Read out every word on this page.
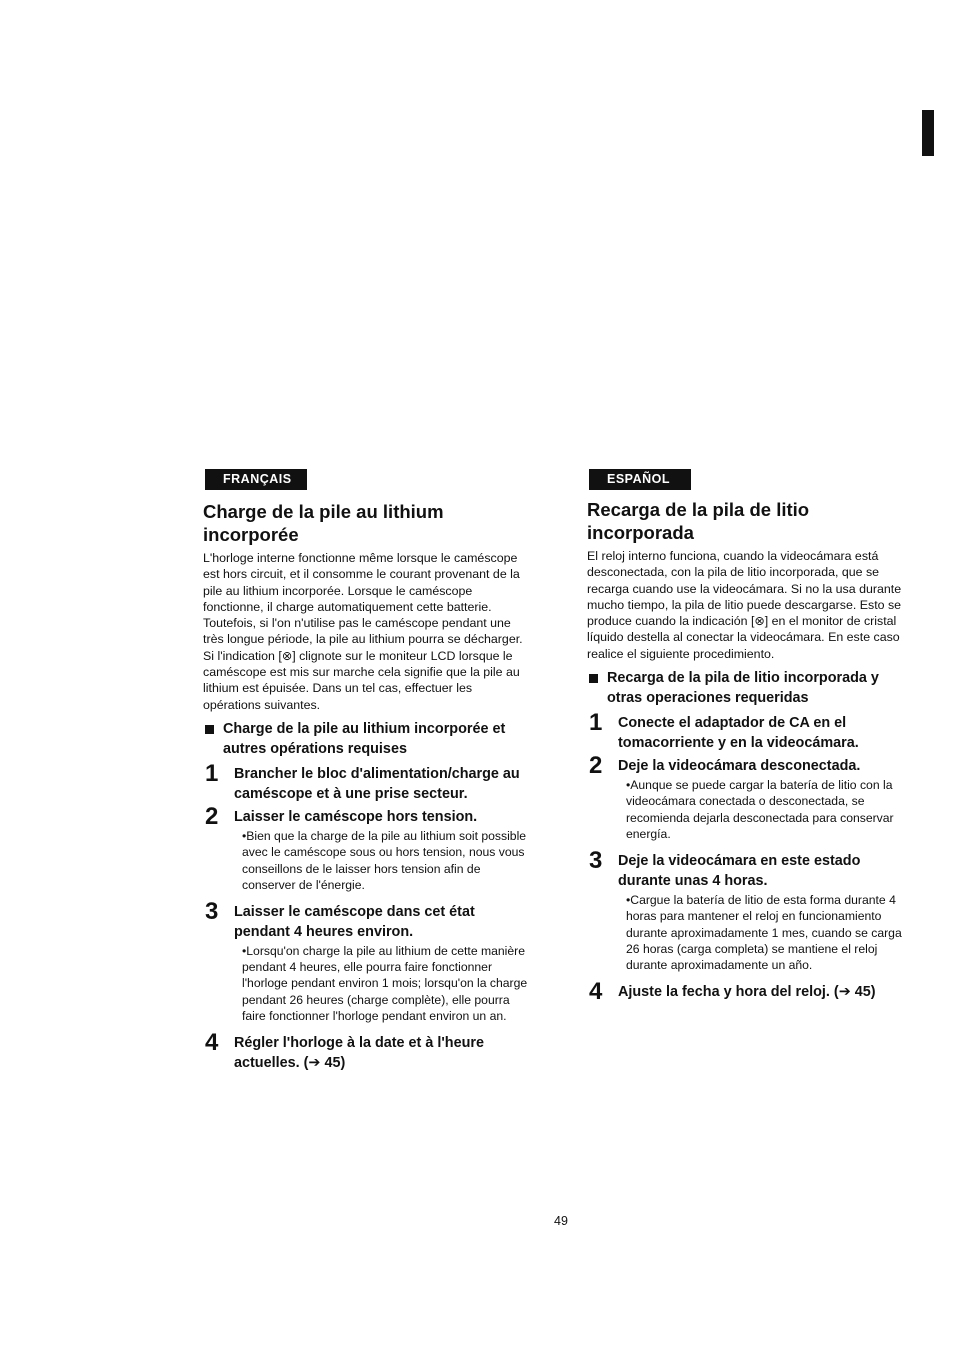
FRANÇAIS
Charge de la pile au lithium incorporée

L'horloge interne fonctionne même lorsque le caméscope est hors circuit, et il consomme le courant provenant de la pile au lithium incorporée. Lorsque le caméscope fonctionne, il charge automatiquement cette batterie. Toutefois, si l'on n'utilise pas le caméscope pendant une très longue période, la pile au lithium pourra se décharger. Si l'indication [⊗] clignote sur le moniteur LCD lorsque le caméscope est mis sur marche cela signifie que la pile au lithium est épuisée. Dans un tel cas, effectuer les opérations suivantes.

Charge de la pile au lithium incorporée et autres opérations requises
1 Brancher le bloc d'alimentation/charge au caméscope et à une prise secteur.
2 Laisser le caméscope hors tension.
•Bien que la charge de la pile au lithium soit possible avec le caméscope sous ou hors tension, nous vous conseillons de le laisser hors tension afin de conserver de l'énergie.
3 Laisser le caméscope dans cet état pendant 4 heures environ.
•Lorsqu'on charge la pile au lithium de cette manière pendant 4 heures, elle pourra faire fonctionner l'horloge pendant environ 1 mois; lorsqu'on la charge pendant 26 heures (charge complète), elle pourra faire fonctionner l'horloge pendant environ un an.
4 Régler l'horloge à la date et à l'heure actuelles. (➔ 45)
ESPAÑOL
Recarga de la pila de litio incorporada

El reloj interno funciona, cuando la videocámara está desconectada, con la pila de litio incorporada, que se recarga cuando use la videocámara. Si no la usa durante mucho tiempo, la pila de litio puede descargarse. Esto se produce cuando la indicación [⊗] en el monitor de cristal líquido destella al conectar la videocámara. En este caso realice el siguiente procedimiento.

Recarga de la pila de litio incorporada y otras operaciones requeridas
1 Conecte el adaptador de CA en el tomacorriente y en la videocámara.
2 Deje la videocámara desconectada.
•Aunque se puede cargar la batería de litio con la videocámara conectada o desconectada, se recomienda dejarla desconectada para conservar energía.
3 Deje la videocámara en este estado durante unas 4 horas.
•Cargue la batería de litio de esta forma durante 4 horas para mantener el reloj en funcionamiento durante aproximadamente 1 mes, cuando se carga 26 horas (carga completa) se mantiene el reloj durante aproximadamente un año.
4 Ajuste la fecha y hora del reloj. (➔ 45)
49
